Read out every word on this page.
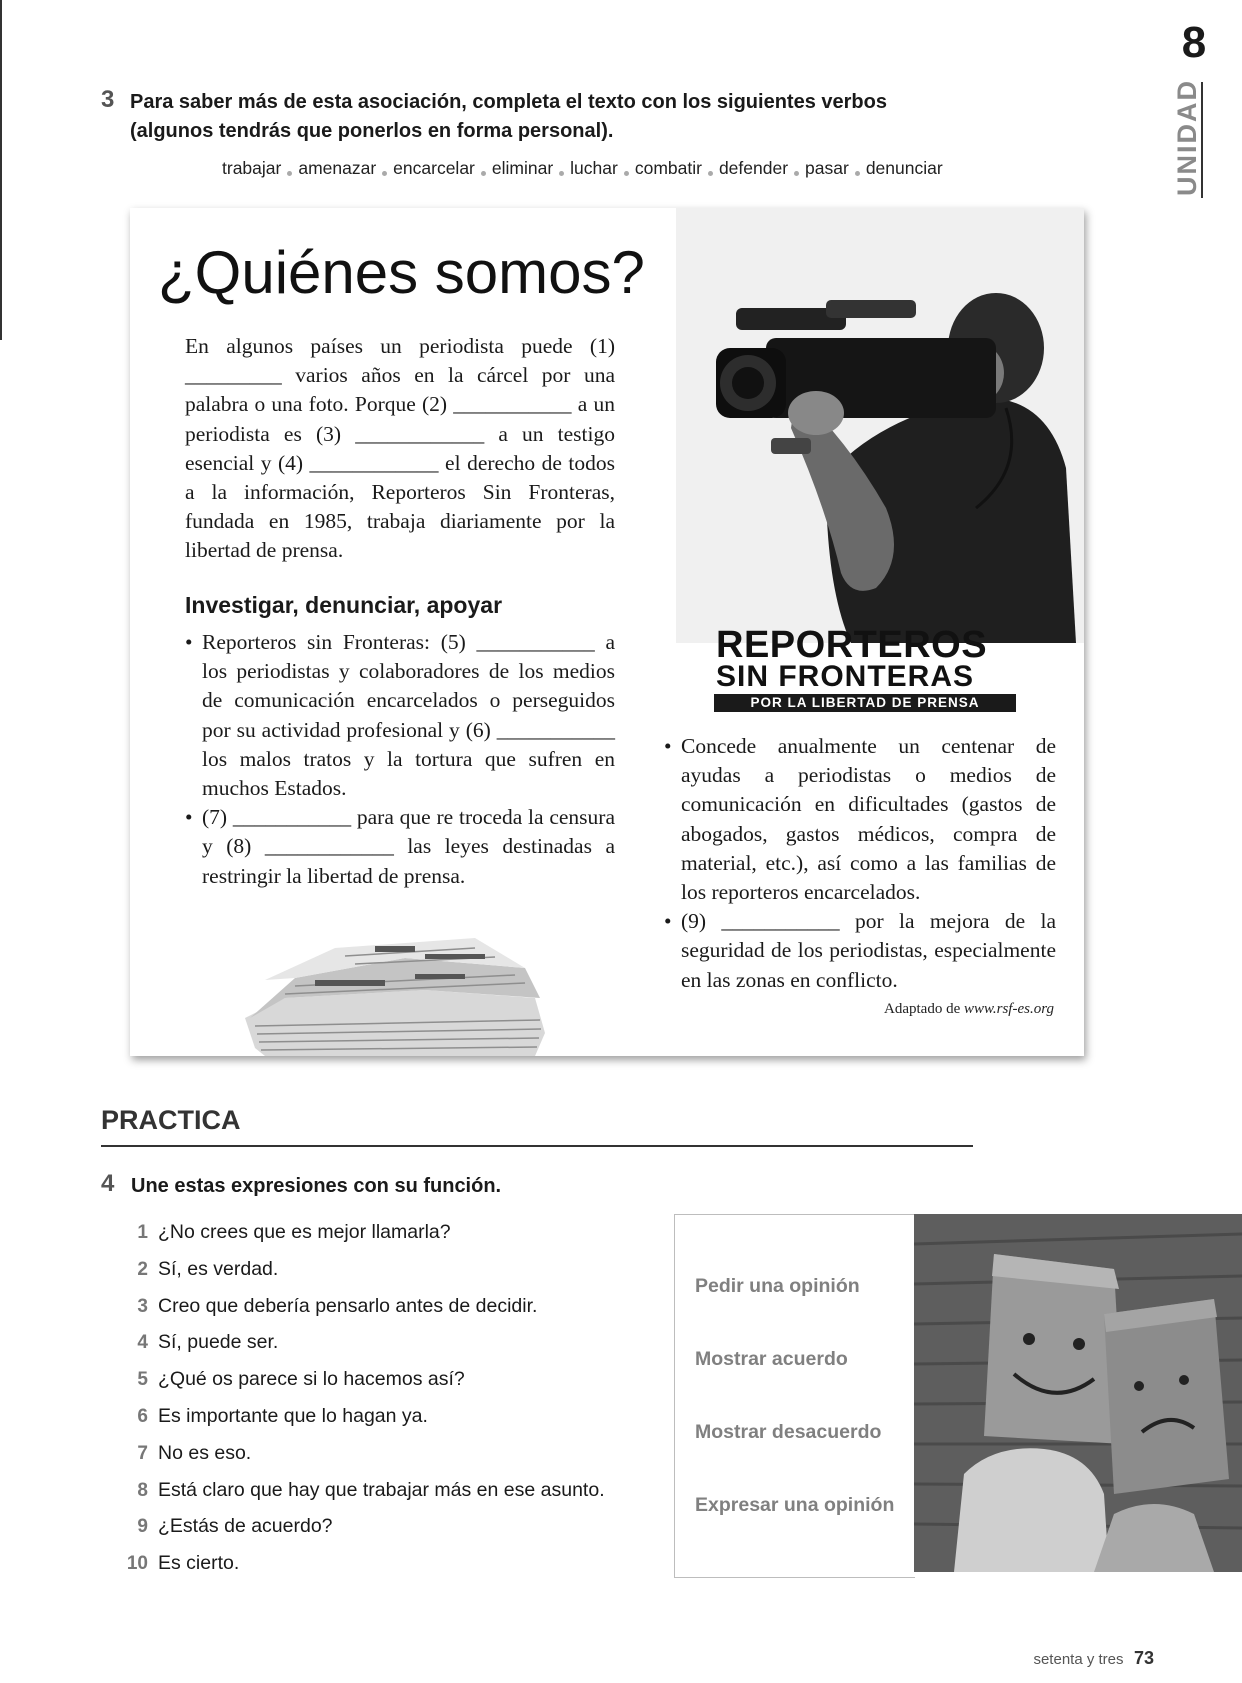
8
UNIDAD
3 Para saber más de esta asociación, completa el texto con los siguientes verbos
(algunos tendrás que ponerlos en forma personal).
trabajar amenazar encarcelar eliminar luchar combatir defender pasar denunciar
¿Quiénes somos?
En algunos países un periodista puede (1) _________ varios años en la cárcel por una palabra o una foto. Porque (2) ___________ a un periodista es (3) ____________ a un testigo esencial y (4) ____________ el derecho de todos a la información, Reporteros Sin Fronteras, fundada en 1985, trabaja diariamente por la libertad de prensa.
Investigar, denunciar, apoyar
• Reporteros sin Fronteras: (5) ___________ a los periodistas y colaboradores de los medios de comunicación encarcelados o perseguidos por su actividad profesional y (6) ___________ los malos tratos y la tortura que sufren en muchos Estados.
• (7) ___________ para que re troceda la censura y (8) ____________ las leyes destinadas a restringir la libertad de prensa.
REPORTEROS
SIN FRONTERAS
POR LA LIBERTAD DE PRENSA
• Concede anualmente un centenar de ayudas a periodistas o medios de comunicación en dificultades (gastos de abogados, gastos médicos, compra de material, etc.), así como a las familias de los reporteros encarcelados.
• (9) ___________ por la mejora de la seguridad de los periodistas, especialmente en las zonas en conflicto.
Adaptado de www.rsf-es.org
PRACTICA
4 Une estas expresiones con su función.
1 ¿No crees que es mejor llamarla?
2 Sí, es verdad.
3 Creo que debería pensarlo antes de decidir.
4 Sí, puede ser.
5 ¿Qué os parece si lo hacemos así?
6 Es importante que lo hagan ya.
7 No es eso.
8 Está claro que hay que trabajar más en ese asunto.
9 ¿Estás de acuerdo?
10 Es cierto.
Pedir una opinión
Mostrar acuerdo
Mostrar desacuerdo
Expresar una opinión
setenta y tres 73
